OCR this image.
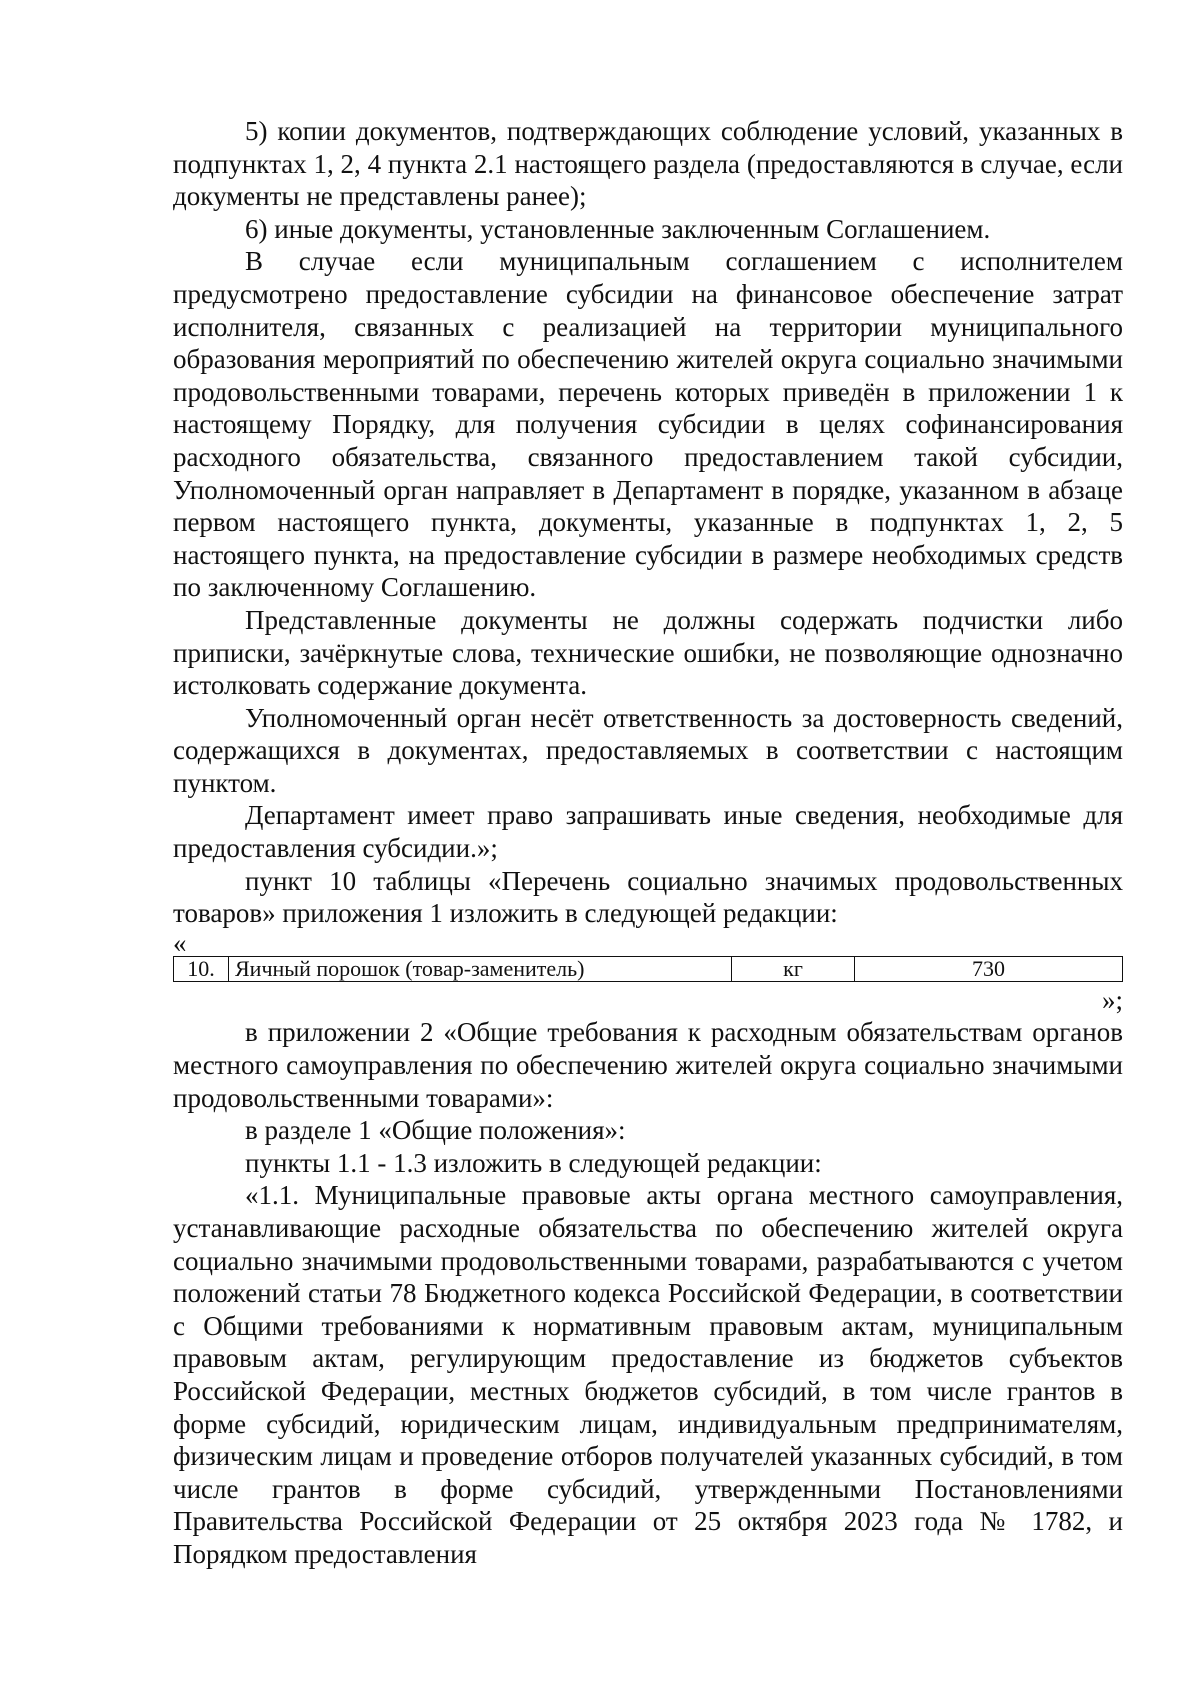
5) копии документов, подтверждающих соблюдение условий, указанных в подпунктах 1, 2, 4 пункта 2.1 настоящего раздела (предоставляются в случае, если документы не представлены ранее);

6) иные документы, установленные заключенным Соглашением.

В случае если муниципальным соглашением с исполнителем предусмотрено предоставление субсидии на финансовое обеспечение затрат исполнителя, связанных с реализацией на территории муниципального образования мероприятий по обеспечению жителей округа социально значимыми продовольственными товарами, перечень которых приведён в приложении 1 к настоящему Порядку, для получения субсидии в целях софинансирования расходного обязательства, связанного предоставлением такой субсидии, Уполномоченный орган направляет в Департамент в порядке, указанном в абзаце первом настоящего пункта, документы, указанные в подпунктах 1, 2, 5 настоящего пункта, на предоставление субсидии в размере необходимых средств по заключенному Соглашению.

Представленные документы не должны содержать подчистки либо приписки, зачёркнутые слова, технические ошибки, не позволяющие однозначно истолковать содержание документа.

Уполномоченный орган несёт ответственность за достоверность сведений, содержащихся в документах, предоставляемых в соответствии с настоящим пунктом.

Департамент имеет право запрашивать иные сведения, необходимые для предоставления субсидии.»;

пункт 10 таблицы «Перечень социально значимых продовольственных товаров» приложения 1 изложить в следующей редакции:

«

10.	Яичный порошок (товар-заменитель)	кг	730

»;

в приложении 2 «Общие требования к расходным обязательствам органов местного самоуправления по обеспечению жителей округа социально значимыми продовольственными товарами»:

в разделе 1 «Общие положения»:

пункты 1.1 - 1.3 изложить в следующей редакции:

«1.1. Муниципальные правовые акты органа местного самоуправления, устанавливающие расходные обязательства по обеспечению жителей округа социально значимыми продовольственными товарами, разрабатываются с учетом положений статьи 78 Бюджетного кодекса Российской Федерации, в соответствии с Общими требованиями к нормативным правовым актам, муниципальным правовым актам, регулирующим предоставление из бюджетов субъектов Российской Федерации, местных бюджетов субсидий, в том числе грантов в форме субсидий, юридическим лицам, индивидуальным предпринимателям, физическим лицам и проведение отборов получателей указанных субсидий, в том числе грантов в форме субсидий, утвержденными Постановлениями Правительства Российской Федерации от 25 октября 2023 года № 1782, и Порядком предоставления
